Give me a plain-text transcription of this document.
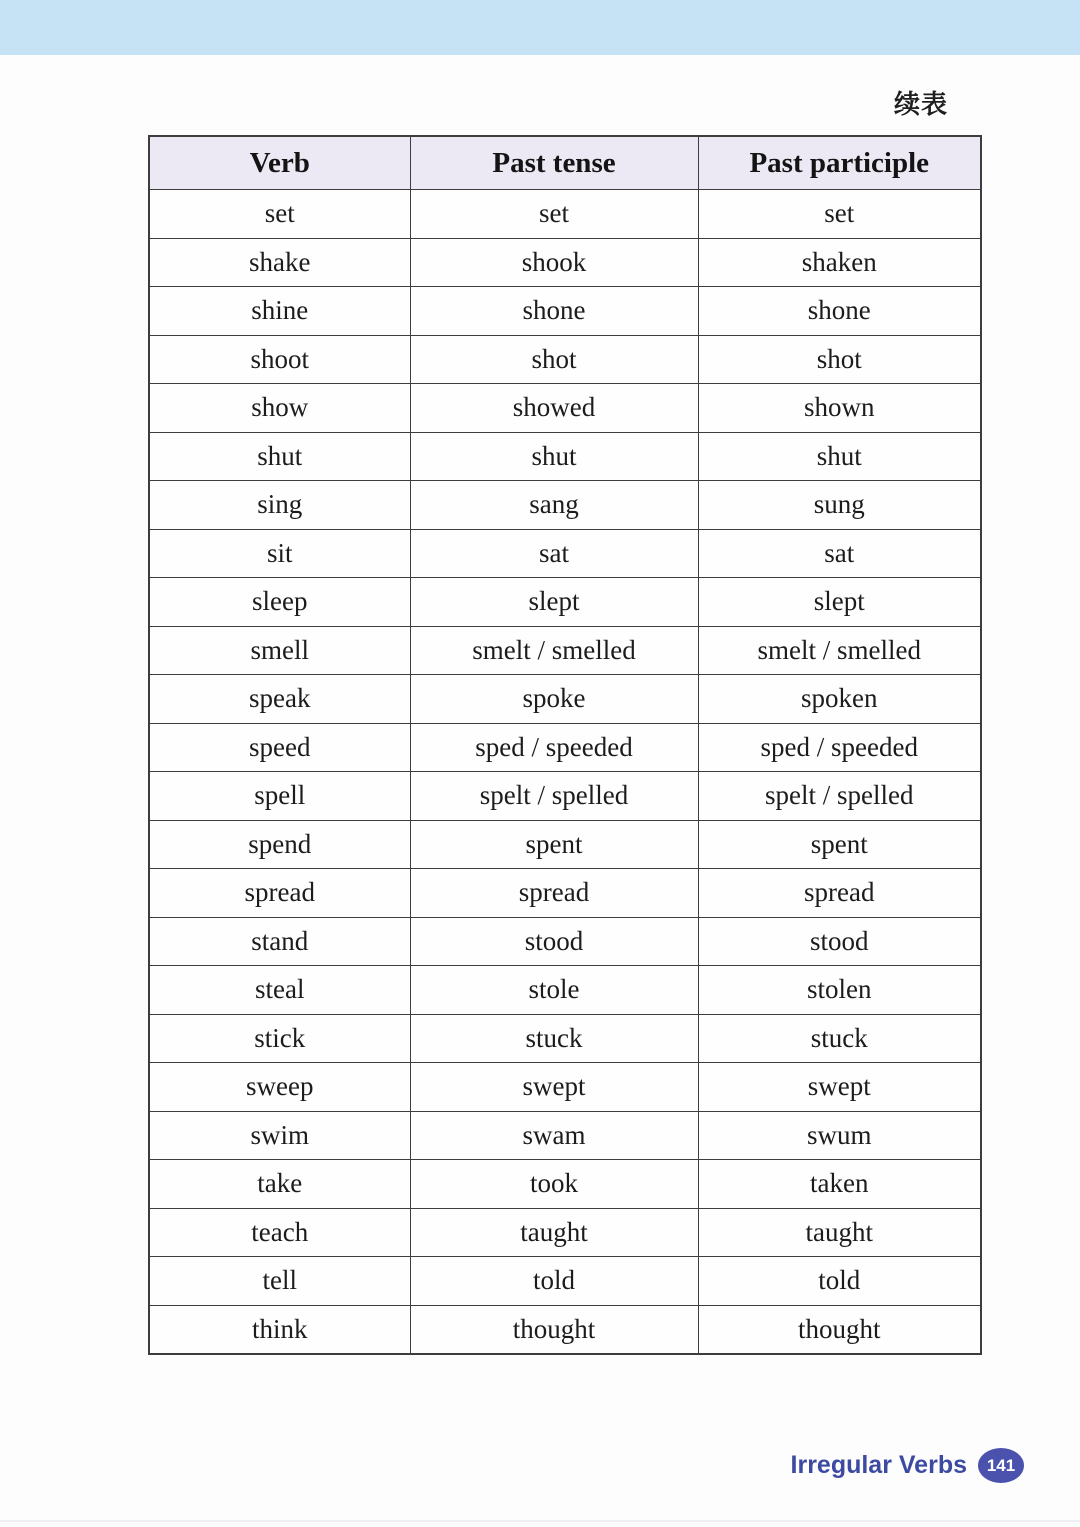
续表
Verb	Past tense	Past participle
set	set	set
shake	shook	shaken
shine	shone	shone
shoot	shot	shot
show	showed	shown
shut	shut	shut
sing	sang	sung
sit	sat	sat
sleep	slept	slept
smell	smelt / smelled	smelt / smelled
speak	spoke	spoken
speed	sped / speeded	sped / speeded
spell	spelt / spelled	spelt / spelled
spend	spent	spent
spread	spread	spread
stand	stood	stood
steal	stole	stolen
stick	stuck	stuck
sweep	swept	swept
swim	swam	swum
take	took	taken
teach	taught	taught
tell	told	told
think	thought	thought
Irregular Verbs	141
